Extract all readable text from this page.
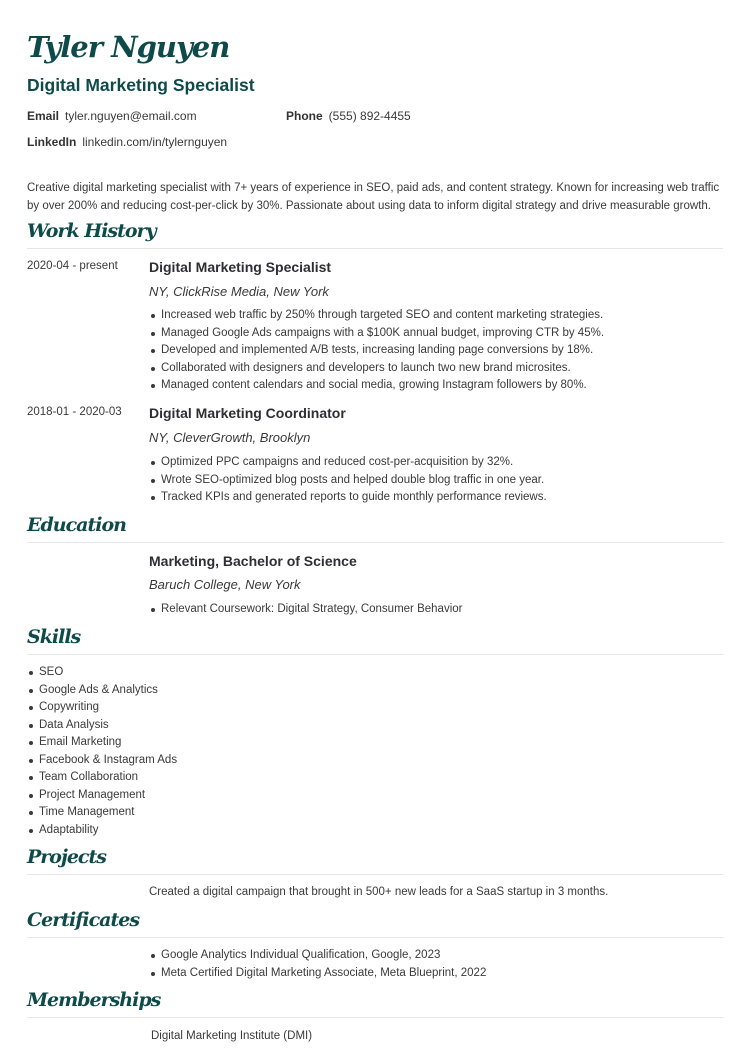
Tyler Nguyen
Digital Marketing Specialist
Email tyler.nguyen@email.com	Phone (555) 892-4455
LinkedIn linkedin.com/in/tylernguyen
Creative digital marketing specialist with 7+ years of experience in SEO, paid ads, and content strategy. Known for increasing web traffic by over 200% and reducing cost-per-click by 30%. Passionate about using data to inform digital strategy and drive measurable growth.
Work History
2020-04 - present Digital Marketing Specialist
NY, ClickRise Media, New York
Increased web traffic by 250% through targeted SEO and content marketing strategies.
Managed Google Ads campaigns with a $100K annual budget, improving CTR by 45%.
Developed and implemented A/B tests, increasing landing page conversions by 18%.
Collaborated with designers and developers to launch two new brand microsites.
Managed content calendars and social media, growing Instagram followers by 80%.
2018-01 - 2020-03 Digital Marketing Coordinator
NY, CleverGrowth, Brooklyn
Optimized PPC campaigns and reduced cost-per-acquisition by 32%.
Wrote SEO-optimized blog posts and helped double blog traffic in one year.
Tracked KPIs and generated reports to guide monthly performance reviews.
Education
Marketing, Bachelor of Science
Baruch College, New York
Relevant Coursework: Digital Strategy, Consumer Behavior
Skills
SEO
Google Ads & Analytics
Copywriting
Data Analysis
Email Marketing
Facebook & Instagram Ads
Team Collaboration
Project Management
Time Management
Adaptability
Projects
Created a digital campaign that brought in 500+ new leads for a SaaS startup in 3 months.
Certificates
Google Analytics Individual Qualification, Google, 2023
Meta Certified Digital Marketing Associate, Meta Blueprint, 2022
Memberships
Digital Marketing Institute (DMI)
